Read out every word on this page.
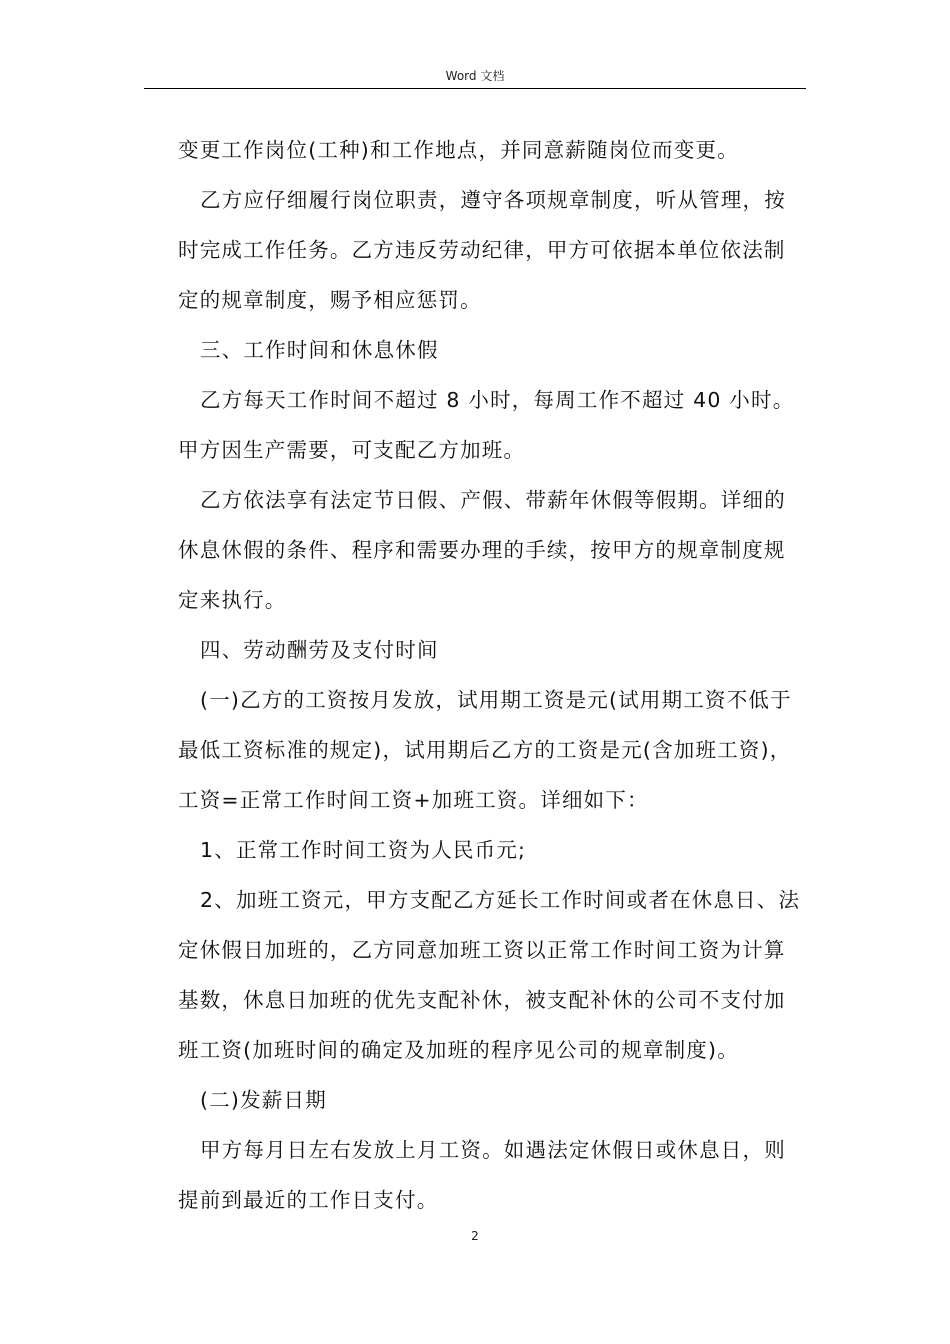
Word 文档

变更工作岗位(工种)和工作地点，并同意薪随岗位而变更。

乙方应仔细履行岗位职责，遵守各项规章制度，听从管理，按时完成工作任务。乙方违反劳动纪律，甲方可依据本单位依法制定的规章制度，赐予相应惩罚。

三、工作时间和休息休假

乙方每天工作时间不超过 8 小时，每周工作不超过 40 小时。甲方因生产需要，可支配乙方加班。

乙方依法享有法定节日假、产假、带薪年休假等假期。详细的休息休假的条件、程序和需要办理的手续，按甲方的规章制度规定来执行。

四、劳动酬劳及支付时间

(一)乙方的工资按月发放，试用期工资是元(试用期工资不低于最低工资标准的规定)，试用期后乙方的工资是元(含加班工资)，工资=正常工作时间工资+加班工资。详细如下：

1、正常工作时间工资为人民币元;

2、加班工资元，甲方支配乙方延长工作时间或者在休息日、法定休假日加班的，乙方同意加班工资以正常工作时间工资为计算基数，休息日加班的优先支配补休，被支配补休的公司不支付加班工资(加班时间的确定及加班的程序见公司的规章制度)。

(二)发薪日期

甲方每月日左右发放上月工资。如遇法定休假日或休息日，则提前到最近的工作日支付。

2
